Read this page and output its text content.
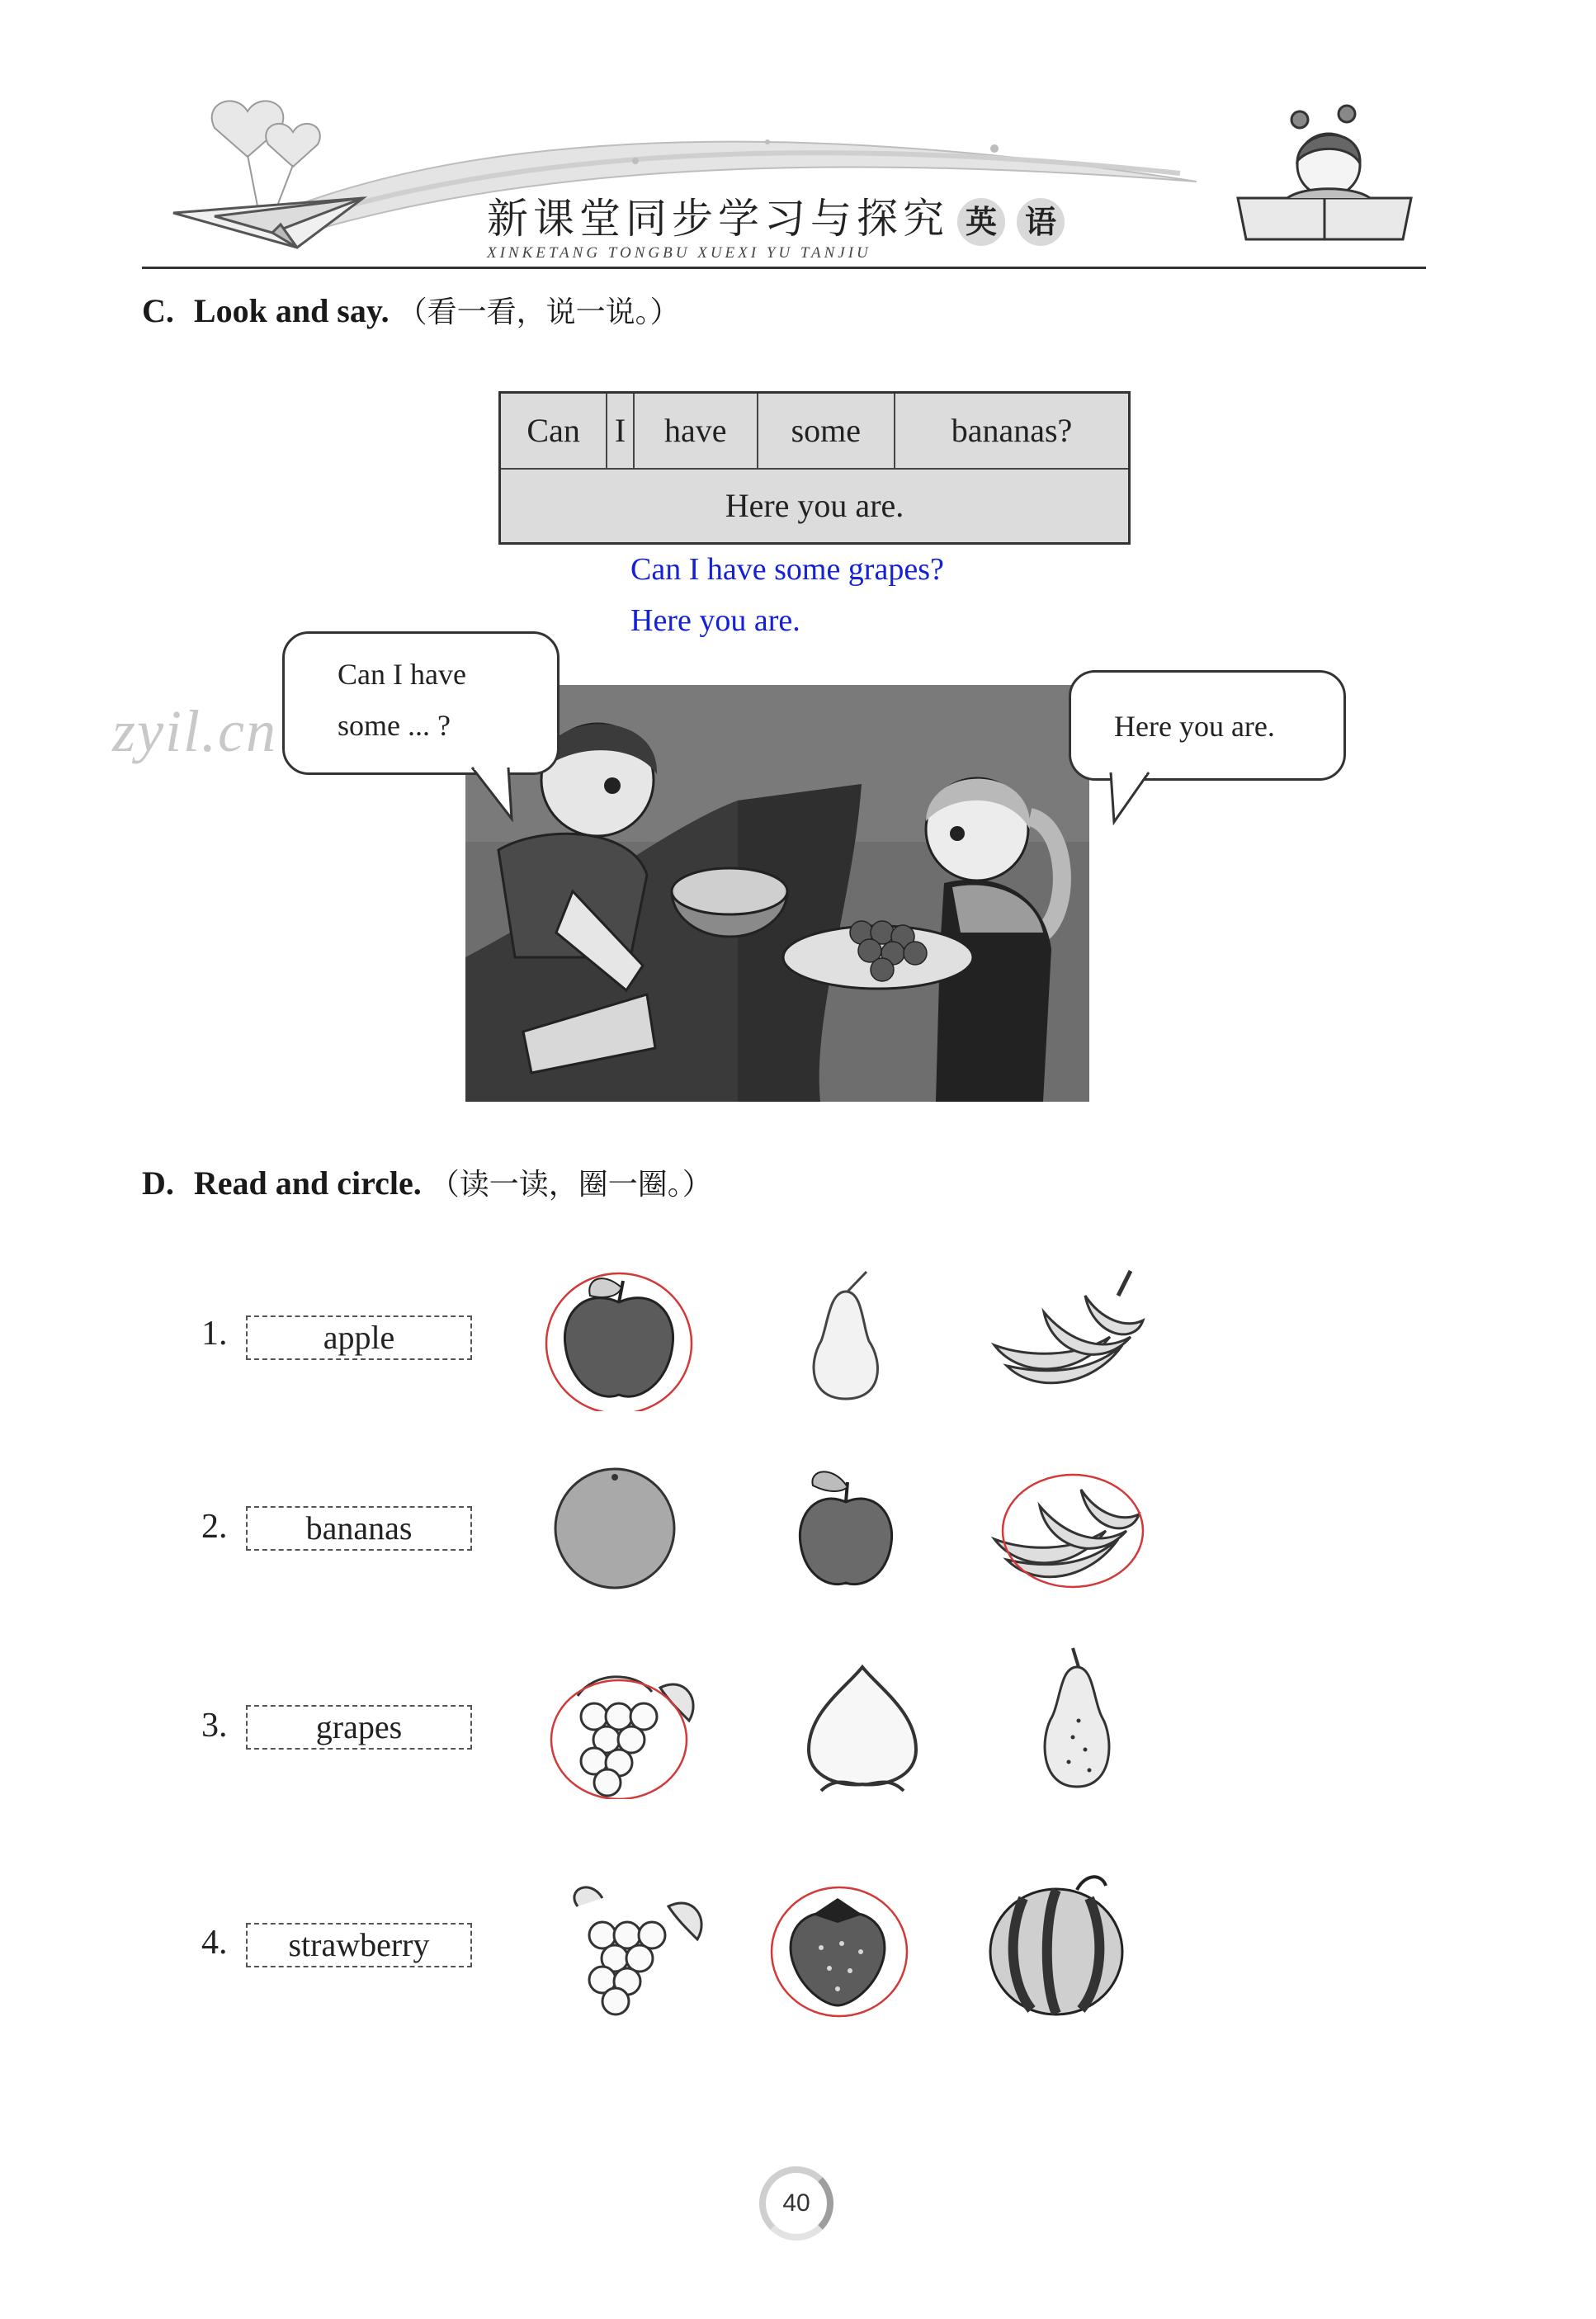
新课堂同步学习与探究
XINKETANG TONGBU XUEXI YU TANJIU
英 语
C. Look and say. （看一看，说一说。）
Can	I	have	some	bananas?
Here you are.
Can I have some grapes?
Here you are.
zyil.cn
Can I have
some ... ?	Here you are.
D. Read and circle. （读一读，圈一圈。）
1.	apple
2.	bananas
3.	grapes
4.	strawberry
40
